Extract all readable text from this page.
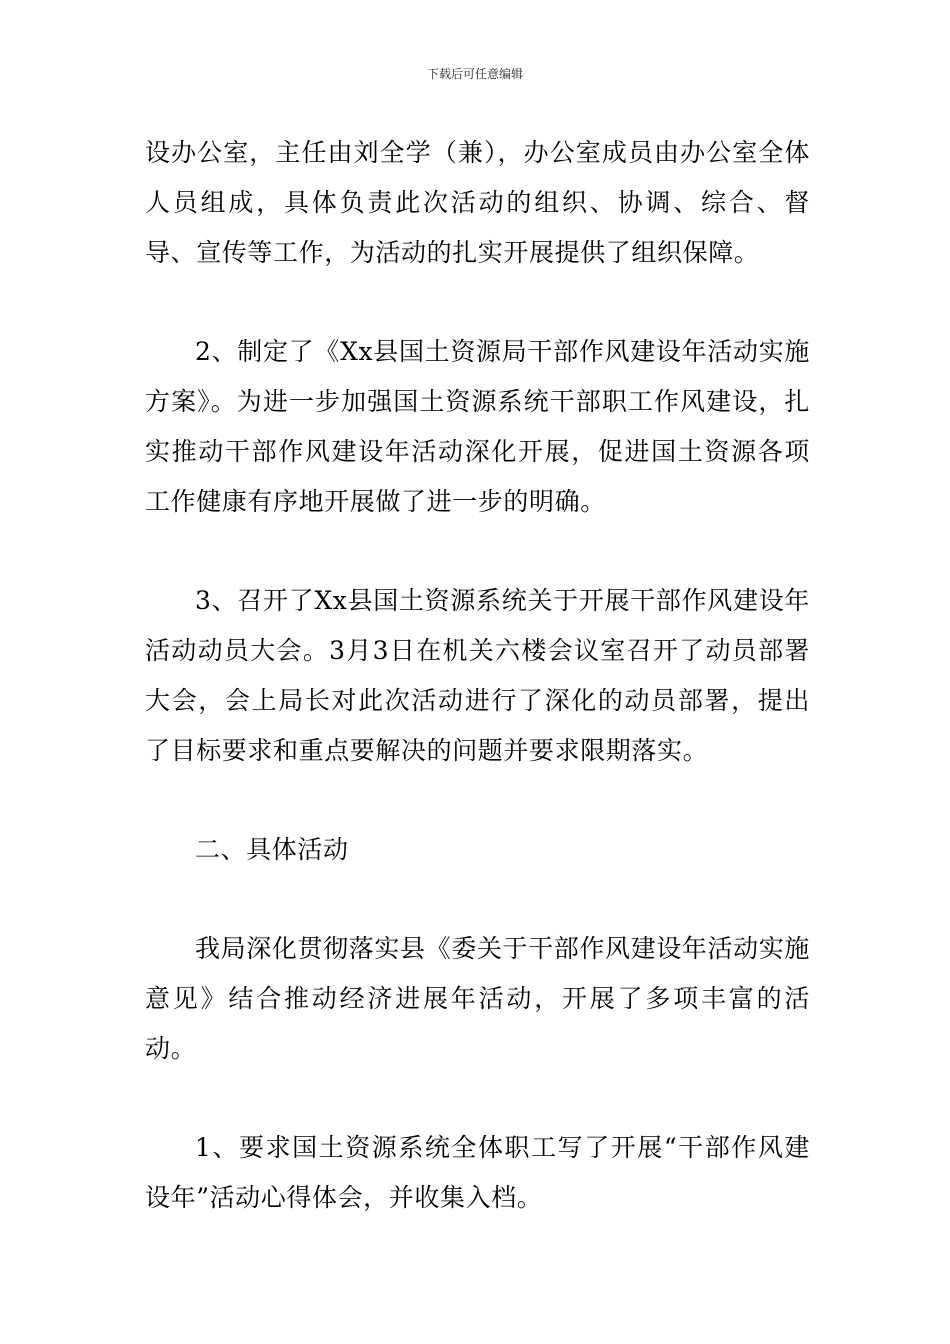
下载后可任意编辑

设办公室，主任由刘全学（兼），办公室成员由办公室全体人员组成，具体负责此次活动的组织、协调、综合、督导、宣传等工作，为活动的扎实开展提供了组织保障。

2、制定了《Xx县国土资源局干部作风建设年活动实施方案》。为进一步加强国土资源系统干部职工作风建设，扎实推动干部作风建设年活动深化开展，促进国土资源各项工作健康有序地开展做了进一步的明确。

3、召开了Xx县国土资源系统关于开展干部作风建设年活动动员大会。3月3日在机关六楼会议室召开了动员部署大会，会上局长对此次活动进行了深化的动员部署，提出了目标要求和重点要解决的问题并要求限期落实。

二、具体活动

我局深化贯彻落实县《委关于干部作风建设年活动实施意见》结合推动经济进展年活动，开展了多项丰富的活动。

1、要求国土资源系统全体职工写了开展“干部作风建设年”活动心得体会，并收集入档。
